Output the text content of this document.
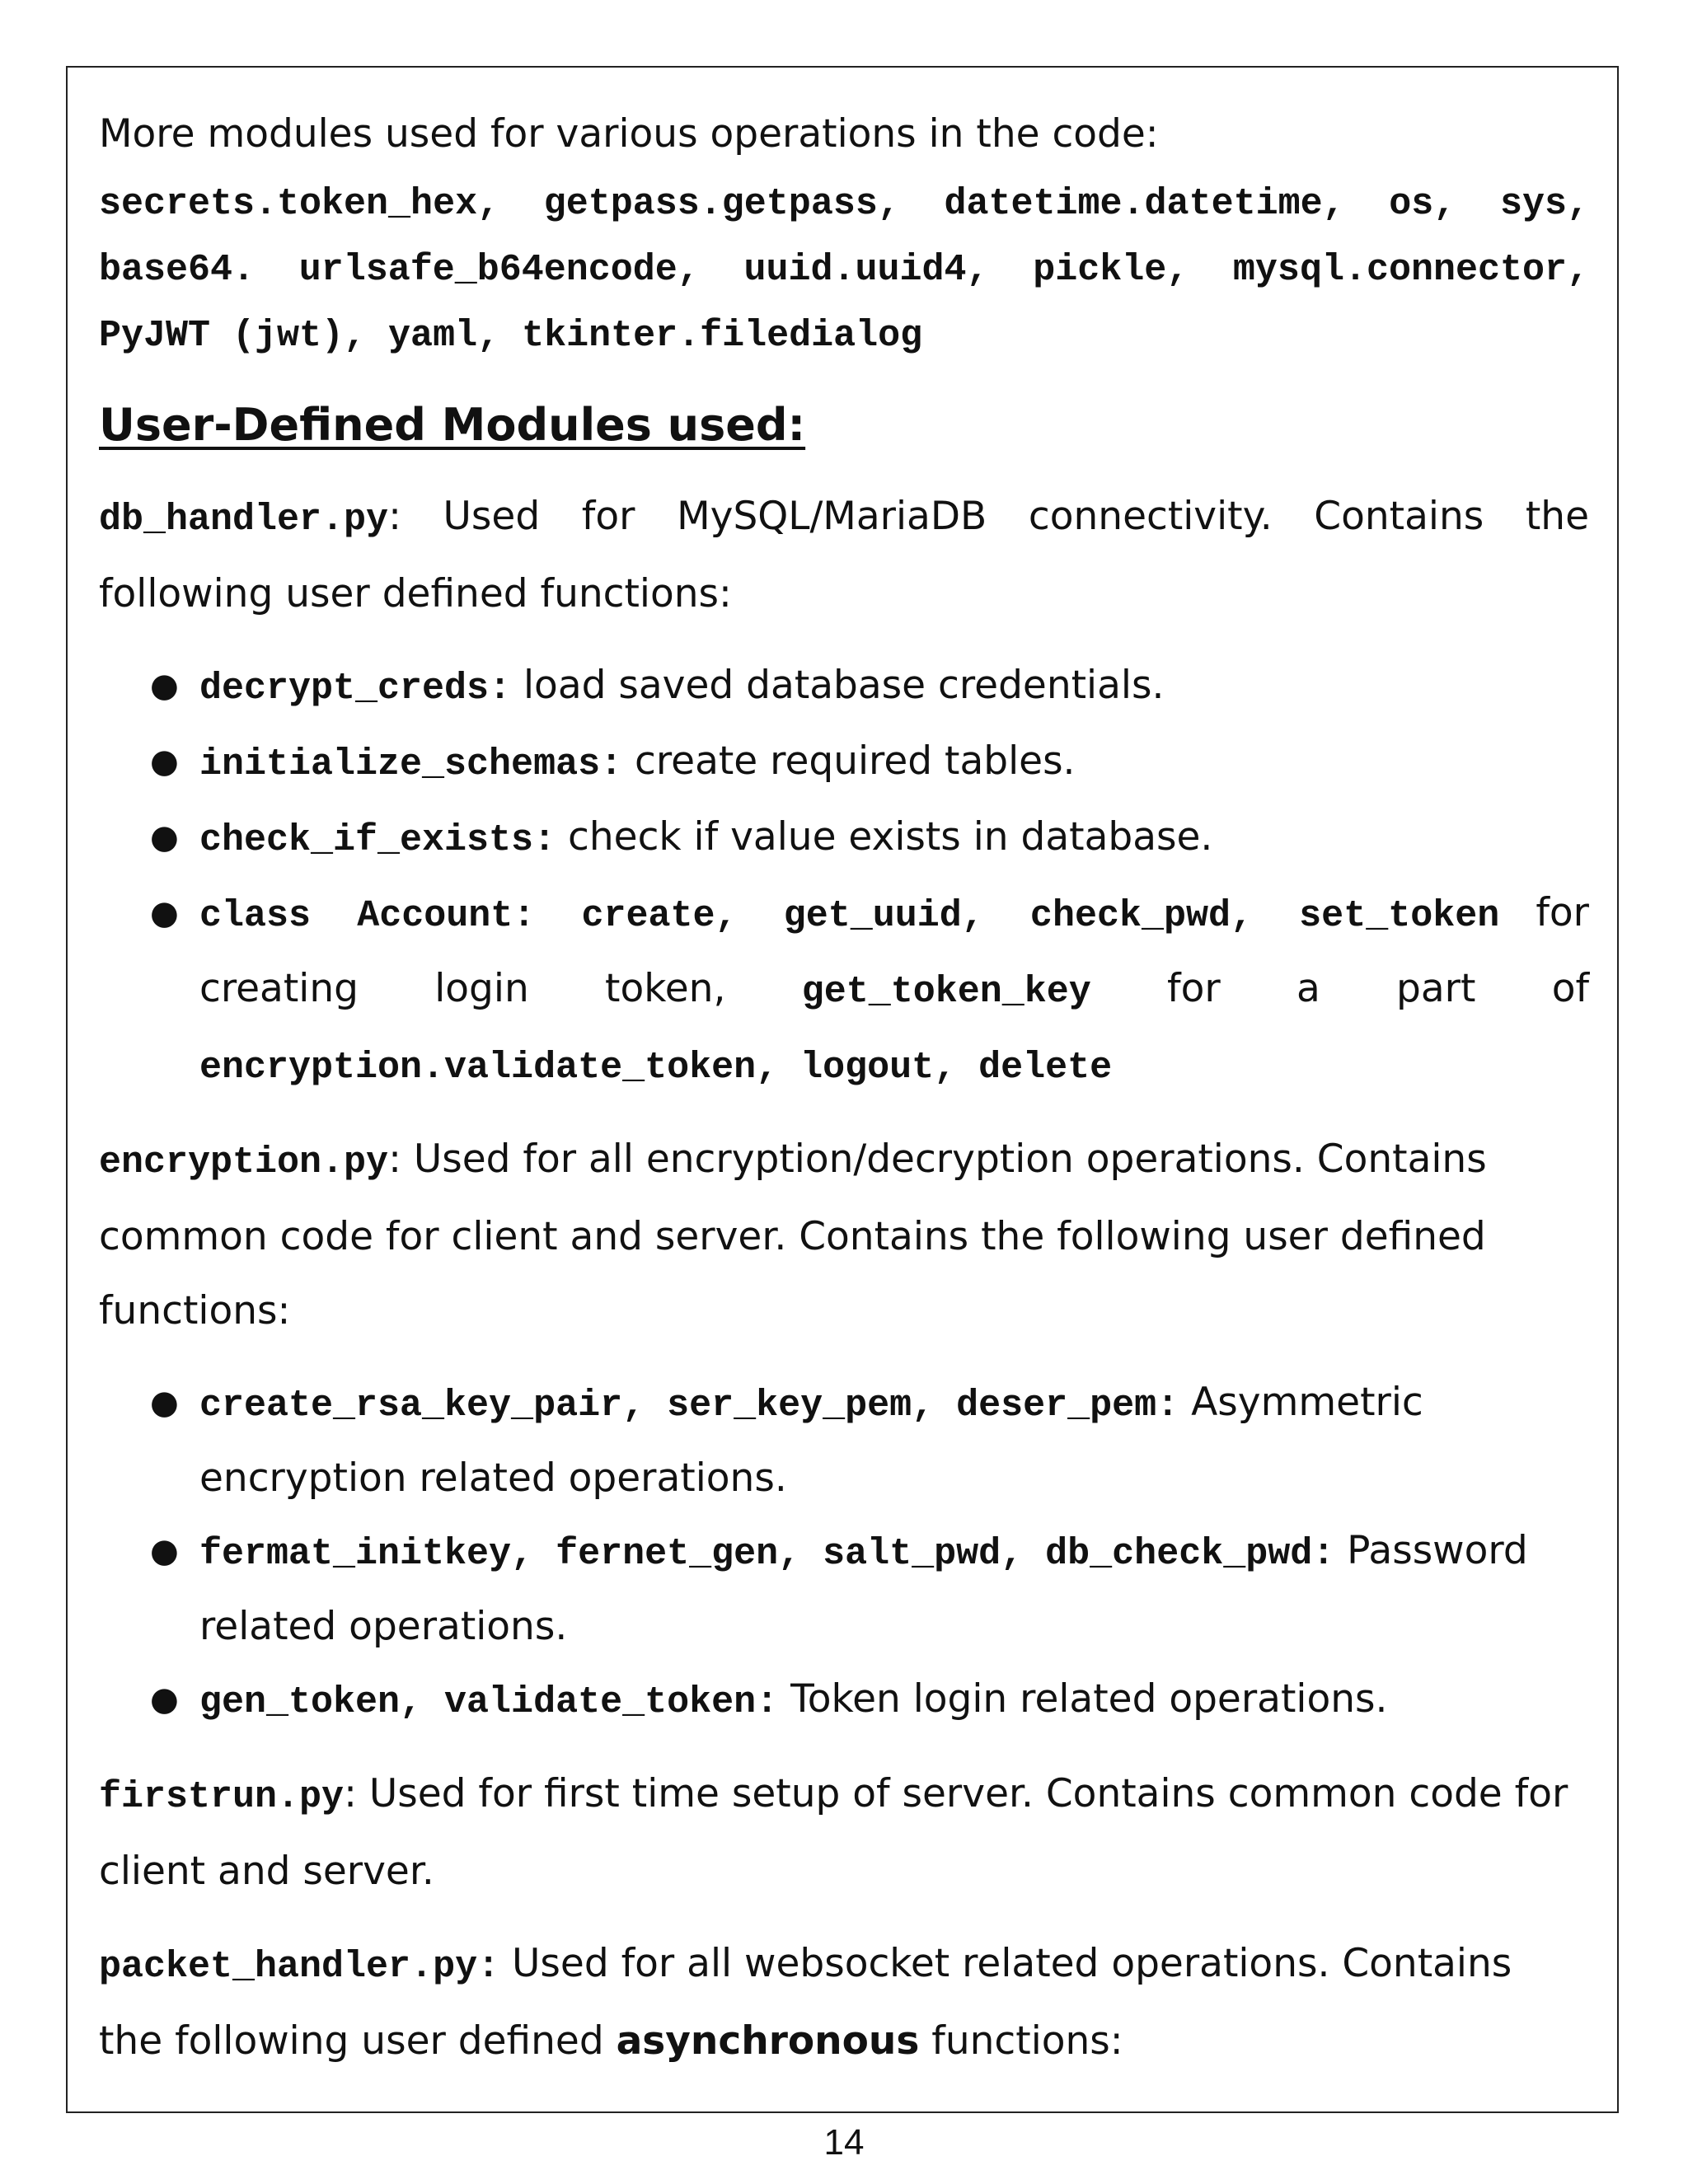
More modules used for various operations in the code:

secrets.token_hex, getpass.getpass, datetime.datetime, os, sys,

base64. urlsafe_b64encode, uuid.uuid4, pickle, mysql.connector,

PyJWT (jwt), yaml, tkinter.filedialog

User-Defined Modules used:

db_handler.py: Used for MySQL/MariaDB connectivity. Contains the

following user defined functions:

● decrypt_creds: load saved database credentials.
● initialize_schemas: create required tables.
● check_if_exists: check if value exists in database.
● class Account: create, get_uuid, check_pwd, set_token for
creating login token, get_token_key for a part of
encryption.validate_token, logout, delete

encryption.py: Used for all encryption/decryption operations. Contains

common code for client and server. Contains the following user defined

functions:

● create_rsa_key_pair, ser_key_pem, deser_pem: Asymmetric
encryption related operations.
● fermat_initkey, fernet_gen, salt_pwd, db_check_pwd: Password
related operations.
● gen_token, validate_token: Token login related operations.

firstrun.py: Used for first time setup of server. Contains common code for

client and server.

packet_handler.py: Used for all websocket related operations. Contains

the following user defined asynchronous functions:

14
